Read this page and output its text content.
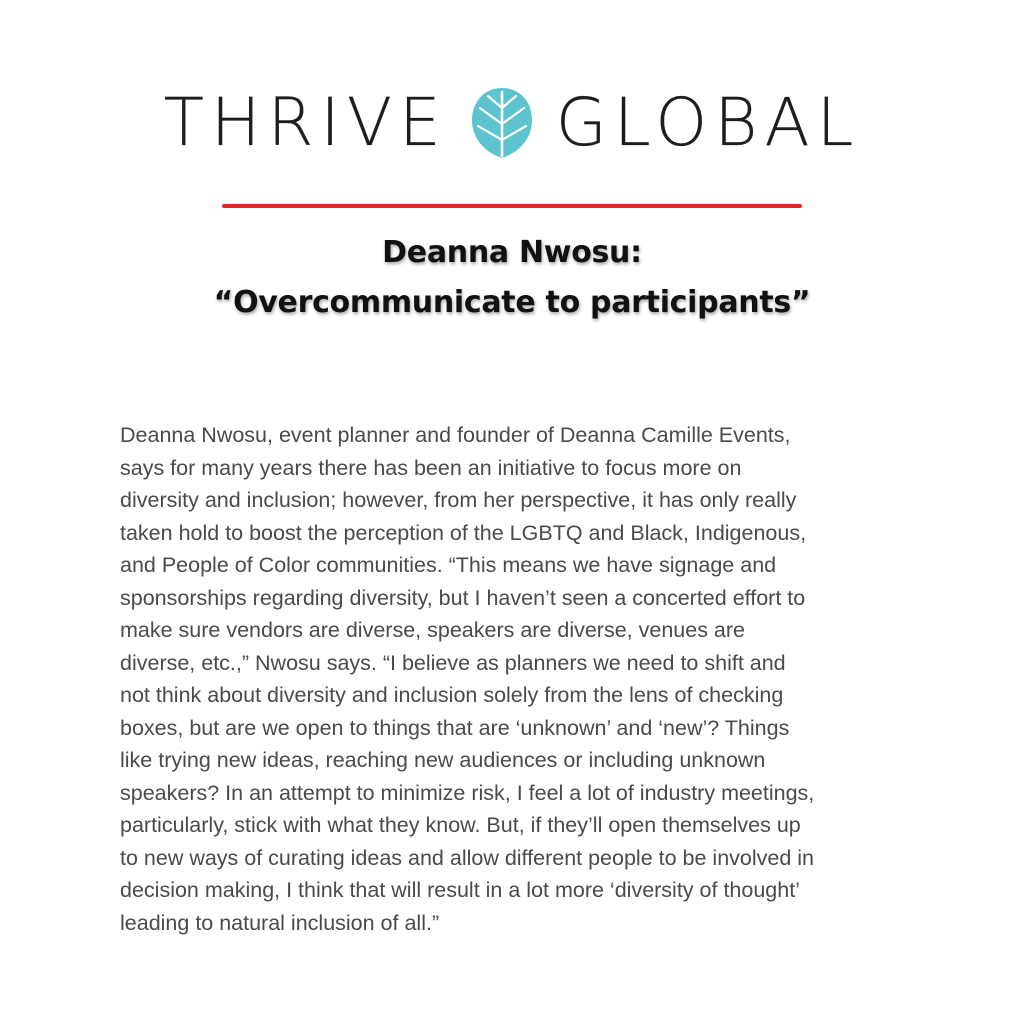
THRIVE GLOBAL
Deanna Nwosu:
“Overcommunicate to participants”
Deanna Nwosu, event planner and founder of Deanna Camille Events,
says for many years there has been an initiative to focus more on
diversity and inclusion; however, from her perspective, it has only really
taken hold to boost the perception of the LGBTQ and Black, Indigenous,
and People of Color communities. “This means we have signage and
sponsorships regarding diversity, but I haven’t seen a concerted effort to
make sure vendors are diverse, speakers are diverse, venues are
diverse, etc.,” Nwosu says. “I believe as planners we need to shift and
not think about diversity and inclusion solely from the lens of checking
boxes, but are we open to things that are ‘unknown’ and ‘new’? Things
like trying new ideas, reaching new audiences or including unknown
speakers? In an attempt to minimize risk, I feel a lot of industry meetings,
particularly, stick with what they know. But, if they’ll open themselves up
to new ways of curating ideas and allow different people to be involved in
decision making, I think that will result in a lot more ‘diversity of thought’
leading to natural inclusion of all.”
